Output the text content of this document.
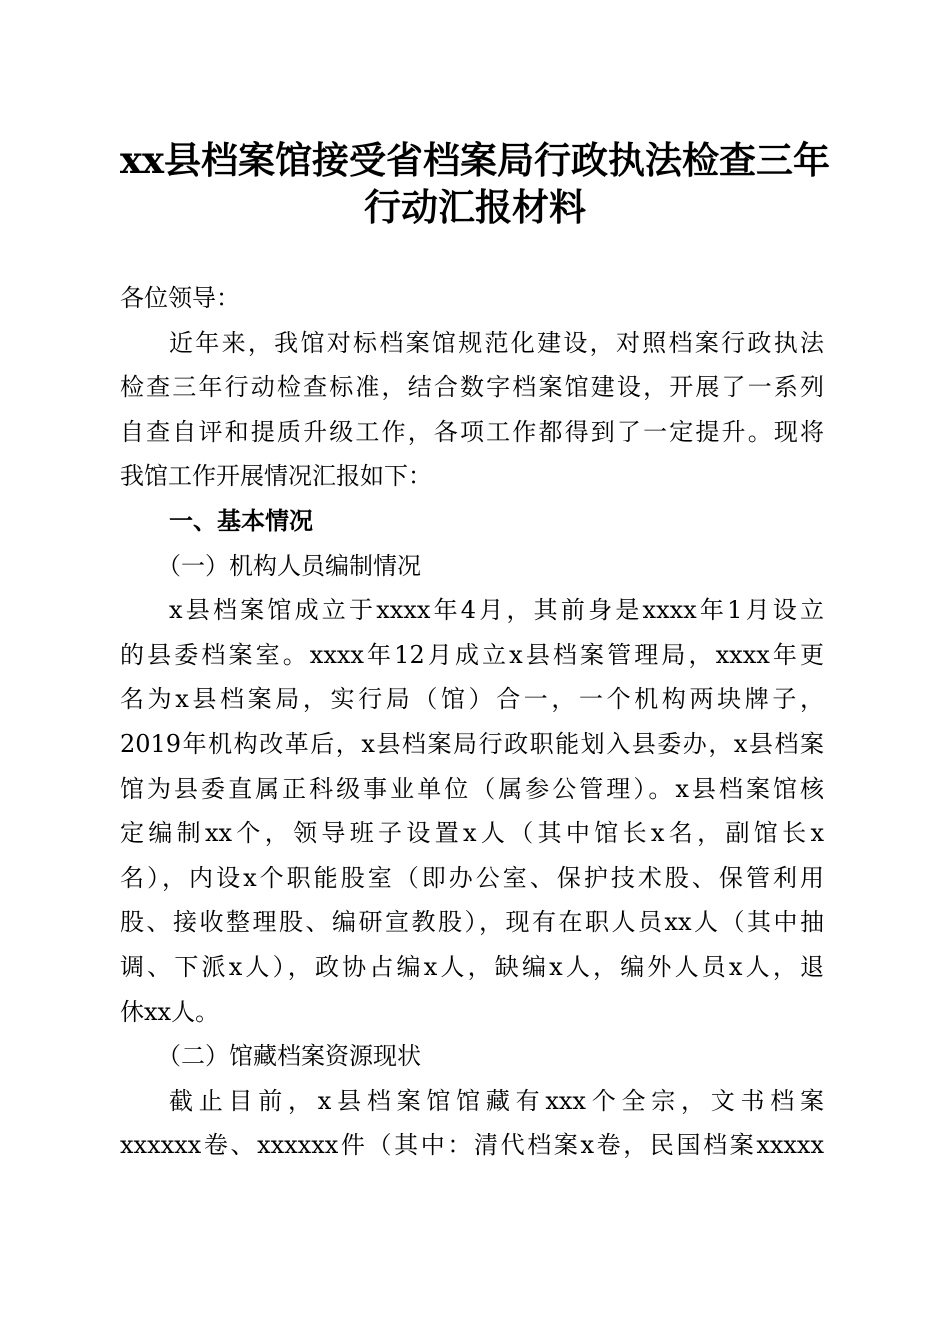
xx县档案馆接受省档案局行政执法检查三年
行动汇报材料
各位领导：
近年来，我馆对标档案馆规范化建设，对照档案行政执法
检查三年行动检查标准，结合数字档案馆建设，开展了一系列
自查自评和提质升级工作，各项工作都得到了一定提升。现将
我馆工作开展情况汇报如下：
一、基本情况
（一）机构人员编制情况
x县档案馆成立于xxxx年4月，其前身是xxxx年1月设立
的县委档案室。xxxx年12月成立x县档案管理局，xxxx年更
名为x县档案局，实行局（馆）合一，一个机构两块牌子，
2019年机构改革后，x县档案局行政职能划入县委办，x县档案
馆为县委直属正科级事业单位（属参公管理）。x县档案馆核
定编制xx个，领导班子设置x人（其中馆长x名，副馆长x
名），内设x个职能股室（即办公室、保护技术股、保管利用
股、接收整理股、编研宣教股），现有在职人员xx人（其中抽
调、下派x人），政协占编x人，缺编x人，编外人员x人，退
休xx人。
（二）馆藏档案资源现状
截止目前，x县档案馆馆藏有xxx个全宗，文书档案
xxxxxx卷、xxxxxx件（其中：清代档案x卷，民国档案xxxxx
